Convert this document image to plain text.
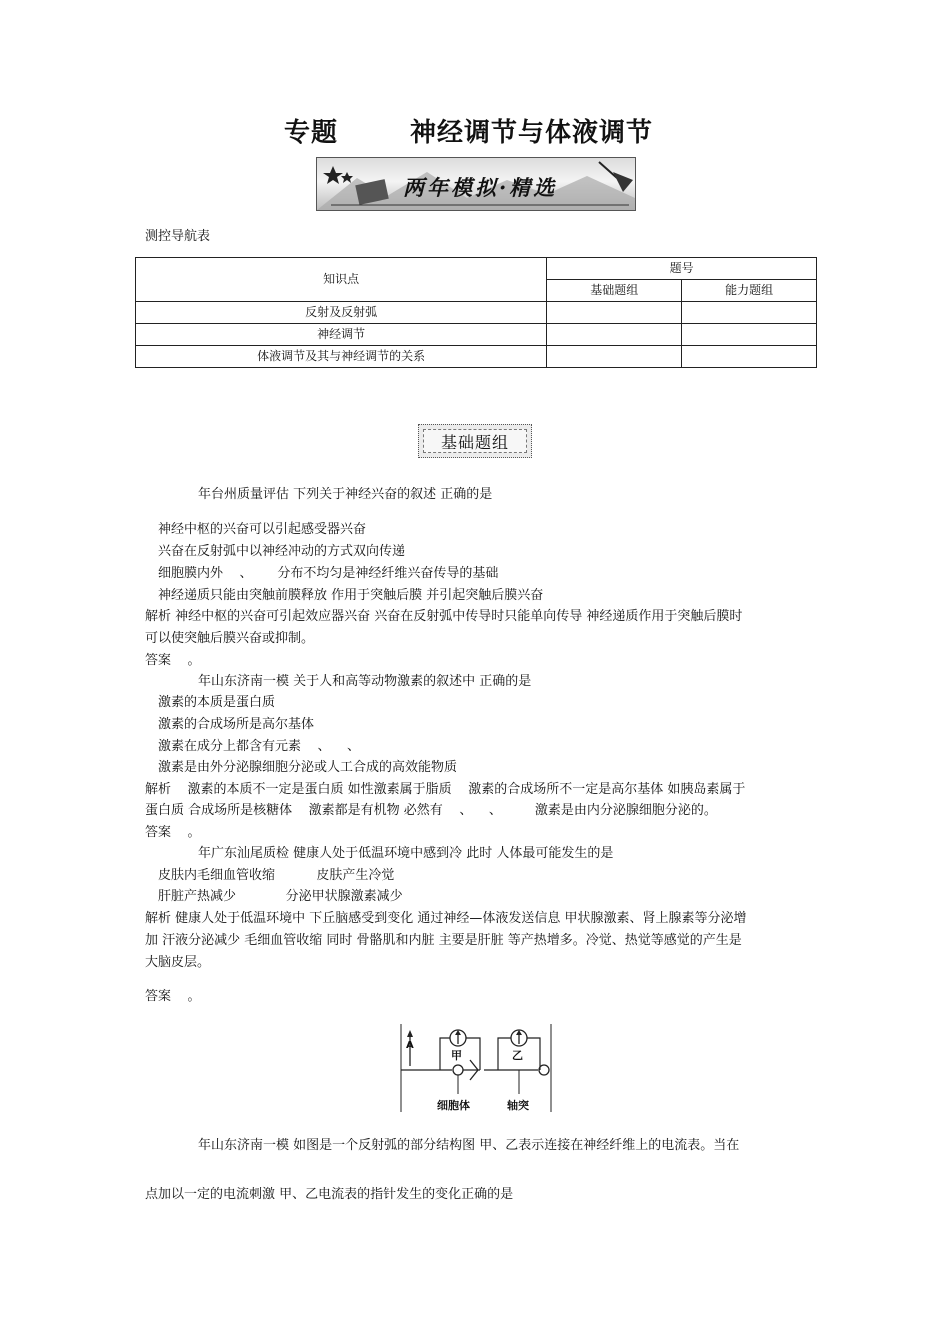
专题	神经调节与体液调节
两年模拟·精选
测控导航表
知识点	题号	
	基础题组	能力题组
反射及反射弧		
神经调节		
体液调节及其与神经调节的关系		
基础题组
年台州质量评估 下列关于神经兴奋的叙述 正确的是
神经中枢的兴奋可以引起感受器兴奋
兴奋在反射弧中以神经冲动的方式双向传递
细胞膜内外    、      分布不均匀是神经纤维兴奋传导的基础
神经递质只能由突触前膜释放 作用于突触后膜 并引起突触后膜兴奋
解析 神经中枢的兴奋可引起效应器兴奋 兴奋在反射弧中传导时只能单向传导 神经递质作用于突触后膜时
可以使突触后膜兴奋或抑制。
答案    。
年山东济南一模 关于人和高等动物激素的叙述中 正确的是
激素的本质是蛋白质
激素的合成场所是高尔基体
激素在成分上都含有元素    、    、
激素是由外分泌腺细胞分泌或人工合成的高效能物质
解析    激素的本质不一定是蛋白质 如性激素属于脂质    激素的合成场所不一定是高尔基体 如胰岛素属于
蛋白质 合成场所是核糖体    激素都是有机物 必然有    、    、        激素是由内分泌腺细胞分泌的。
答案    。
年广东汕尾质检 健康人处于低温环境中感到冷 此时 人体最可能发生的是
皮肤内毛细血管收缩          皮肤产生冷觉
肝脏产热减少            分泌甲状腺激素减少
解析 健康人处于低温环境中 下丘脑感受到变化 通过神经—体液发送信息 甲状腺激素、肾上腺素等分泌增
加 汗液分泌减少 毛细血管收缩 同时 骨骼肌和内脏 主要是肝脏 等产热增多。冷觉、热觉等感觉的产生是
大脑皮层。
答案    。
A
甲	乙
细胞体	轴突
年山东济南一模 如图是一个反射弧的部分结构图 甲、乙表示连接在神经纤维上的电流表。当在
点加以一定的电流刺激 甲、乙电流表的指针发生的变化正确的是
